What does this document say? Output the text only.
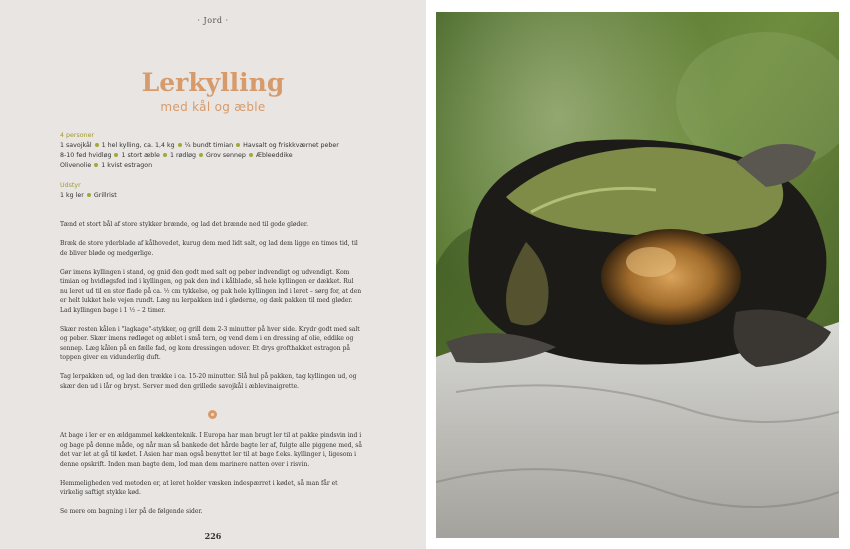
· Jord ·
Lerkylling
med kål og æble
4 personer
1 savojkål 1 hel kylling, ca. 1,4 kg ¼ bundt timian Havsalt og friskkværnet peber
8-10 fed hvidløg 1 stort æble 1 rødløg Grov sennep Æbleeddike
Olivenolie 1 kvist estragon
Udstyr
1 kg ler Grillrist

Tænd et stort bål af store stykker brænde, og lad det brænde ned til gode gløder.

Bræk de store yderblade af kålhovedet, kurug dem med lidt salt, og lad dem ligge en times tid, til de bliver bløde og medgørlige.

Gør imens kyllingen i stand, og gnid den godt med salt og peber indvendigt og udvendigt. Kom timian og hvidløgsfed ind i kyllingen, og pak den ind i kålblade, så hele kyllingen er dækket. Rul nu leret ud til en stor flade på ca. ½ cm tykkelse, og pak hele kyllingen ind i leret – sørg for, at den er helt lukket hele vejen rundt. Læg nu lerpakken ind i gløderne, og dæk pakken til med gløder. Lad kyllingen bage i 1 ½ – 2 timer.

Skær resten kålen i "lagkage"-stykker, og grill dem 2-3 minutter på hver side. Krydr godt med salt og peber. Skær imens rødløget og æblet i små tern, og vend dem i en dressing af olie, eddike og sennep. Læg kålen på en fælle fad, og kom dressingen udover. Et drys grofthakket estragon på toppen giver en vidunderlig duft.

Tag lerpakken ud, og lad den trække i ca. 15-20 minutter. Slå hul på pakken, tag kyllingen ud, og skær den ud i lår og bryst. Server med den grillede savojkål i æblevinaigrette.

At bage i ler er en ældgammel køkkenteknik. I Europa har man brugt ler til at pakke pindsvin ind i og bage på denne måde, og når man så bankede det hårde bagte ler af, fulgte alle piggene med, så det var let at gå til kødet. I Asien har man også benyttet ler til at bage f.eks. kyllinger i, ligesom i denne opskrift. Inden man bagte dem, lod man dem marinere natten over i risvin.

Hemmeligheden ved metoden er, at leret holder væsken indespærret i kødet, så man får et virkelig saftigt stykke kød.

Se mere om bagning i ler på de følgende sider.

226
